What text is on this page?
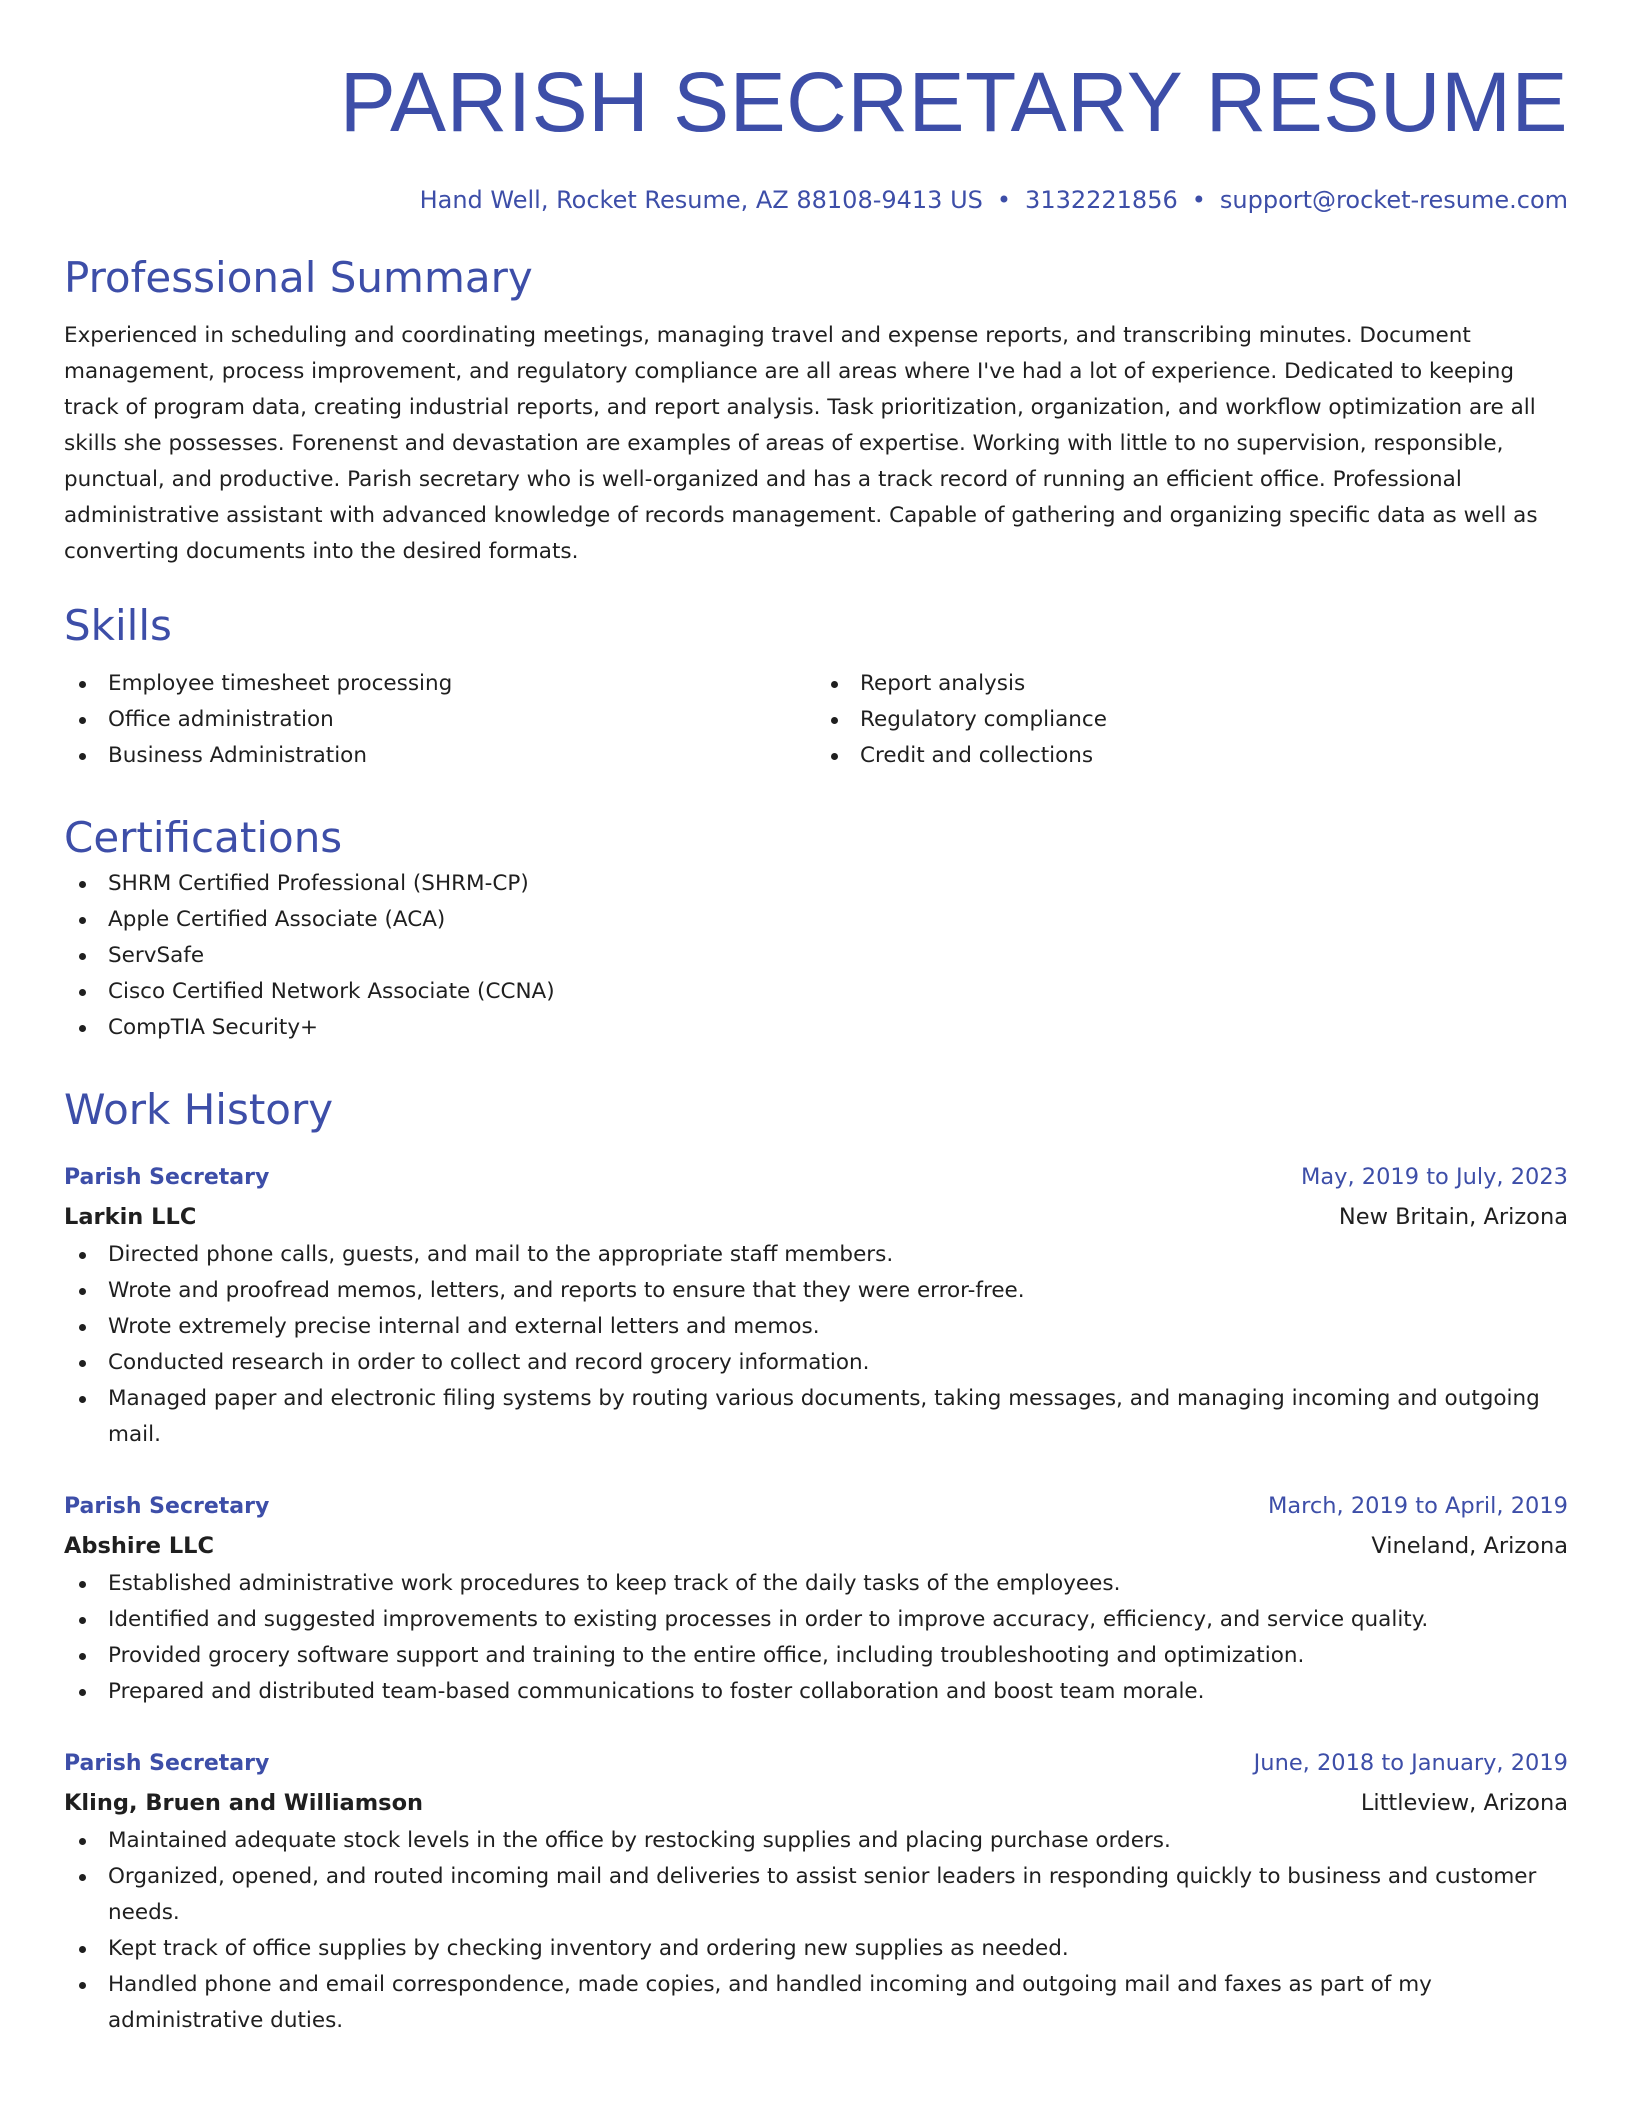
PARISH SECRETARY RESUME
Hand Well, Rocket Resume, AZ 88108-9413 US • 3132221856 • support@rocket-resume.com
Professional Summary

Experienced in scheduling and coordinating meetings, managing travel and expense reports, and transcribing minutes. Document management, process improvement, and regulatory compliance are all areas where I've had a lot of experience. Dedicated to keeping track of program data, creating industrial reports, and report analysis. Task prioritization, organization, and workflow optimization are all skills she possesses. Forenenst and devastation are examples of areas of expertise. Working with little to no supervision, responsible, punctual, and productive. Parish secretary who is well-organized and has a track record of running an efficient office. Professional administrative assistant with advanced knowledge of records management. Capable of gathering and organizing specific data as well as converting documents into the desired formats.

Skills
Employee timesheet processing
Office administration
Business Administration
Report analysis
Regulatory compliance
Credit and collections
Certifications
SHRM Certified Professional (SHRM-CP)
Apple Certified Associate (ACA)
ServSafe
Cisco Certified Network Associate (CCNA)
CompTIA Security+
Work History
Parish Secretary	May, 2019 to July, 2023
Larkin LLC	New Britain, Arizona
Directed phone calls, guests, and mail to the appropriate staff members.
Wrote and proofread memos, letters, and reports to ensure that they were error-free.
Wrote extremely precise internal and external letters and memos.
Conducted research in order to collect and record grocery information.
Managed paper and electronic filing systems by routing various documents, taking messages, and managing incoming and outgoing mail.
Parish Secretary	March, 2019 to April, 2019
Abshire LLC	Vineland, Arizona
Established administrative work procedures to keep track of the daily tasks of the employees.
Identified and suggested improvements to existing processes in order to improve accuracy, efficiency, and service quality.
Provided grocery software support and training to the entire office, including troubleshooting and optimization.
Prepared and distributed team-based communications to foster collaboration and boost team morale.
Parish Secretary	June, 2018 to January, 2019
Kling, Bruen and Williamson	Littleview, Arizona
Maintained adequate stock levels in the office by restocking supplies and placing purchase orders.
Organized, opened, and routed incoming mail and deliveries to assist senior leaders in responding quickly to business and customer needs.
Kept track of office supplies by checking inventory and ordering new supplies as needed.
Handled phone and email correspondence, made copies, and handled incoming and outgoing mail and faxes as part of my administrative duties.
